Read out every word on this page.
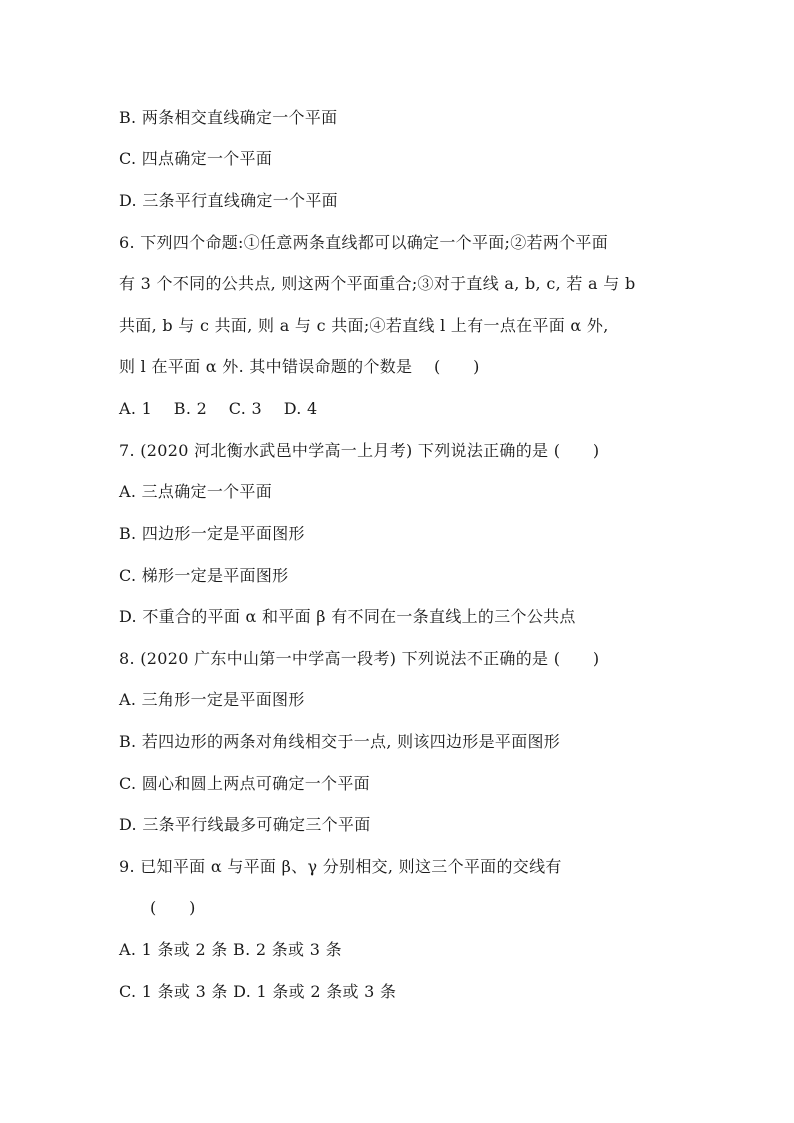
B. 两条相交直线确定一个平面
C. 四点确定一个平面
D. 三条平行直线确定一个平面
6. 下列四个命题:①任意两条直线都可以确定一个平面;②若两个平面
有 3 个不同的公共点, 则这两个平面重合;③对于直线 a, b, c, 若 a 与 b
共面, b 与 c 共面, 则 a 与 c 共面;④若直线 l 上有一点在平面 α 外,
则 l 在平面 α 外. 其中错误命题的个数是　 (　　)
A. 1　 B. 2　 C. 3　 D. 4
7. (2020 河北衡水武邑中学高一上月考) 下列说法正确的是 (　　)
A. 三点确定一个平面
B. 四边形一定是平面图形
C. 梯形一定是平面图形
D. 不重合的平面 α 和平面 β 有不同在一条直线上的三个公共点
8. (2020 广东中山第一中学高一段考) 下列说法不正确的是 (　　)
A. 三角形一定是平面图形
B. 若四边形的两条对角线相交于一点, 则该四边形是平面图形
C. 圆心和圆上两点可确定一个平面
D. 三条平行线最多可确定三个平面
9. 已知平面 α 与平面 β、γ 分别相交, 则这三个平面的交线有
(　　)
A. 1 条或 2 条 B. 2 条或 3 条
C. 1 条或 3 条 D. 1 条或 2 条或 3 条
